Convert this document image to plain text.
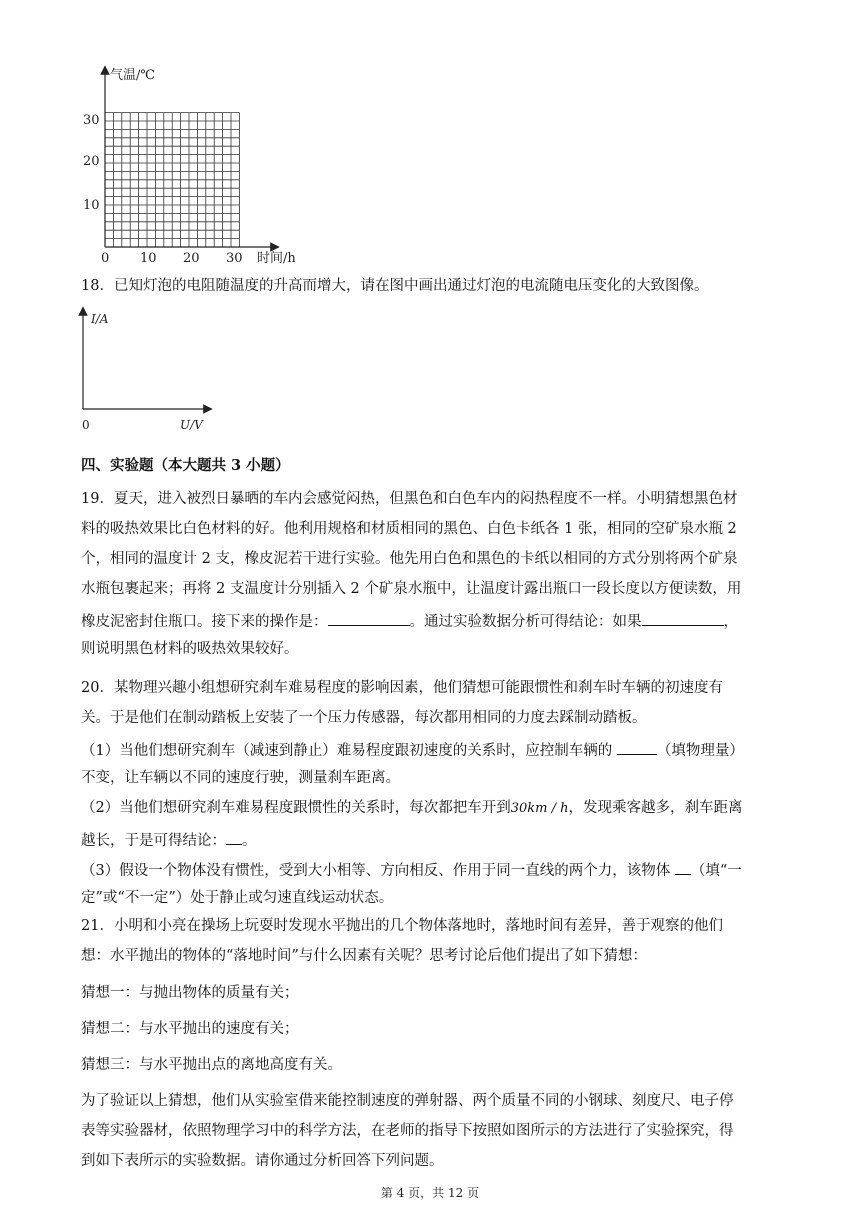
气温/℃
时间/h
30
20
10
0 10 20 30
18．已知灯泡的电阻随温度的升高而增大，请在图中画出通过灯泡的电流随电压变化的大致图像。
I/A
U/V
0
四、实验题（本大题共 3 小题）
19．夏天，进入被烈日暴晒的车内会感觉闷热，但黑色和白色车内的闷热程度不一样。小明猜想黑色材
料的吸热效果比白色材料的好。他利用规格和材质相同的黑色、白色卡纸各 1 张，相同的空矿泉水瓶 2
个，相同的温度计 2 支，橡皮泥若干进行实验。他先用白色和黑色的卡纸以相同的方式分别将两个矿泉
水瓶包裹起来；再将 2 支温度计分别插入 2 个矿泉水瓶中，让温度计露出瓶口一段长度以方便读数，用
橡皮泥密封住瓶口。接下来的操作是：	。通过实验数据分析可得结论：如果	，
则说明黑色材料的吸热效果较好。
20．某物理兴趣小组想研究刹车难易程度的影响因素，他们猜想可能跟惯性和刹车时车辆的初速度有
关。于是他们在制动踏板上安装了一个压力传感器，每次都用相同的力度去踩制动踏板。
（1）当他们想研究刹车（减速到静止）难易程度跟初速度的关系时，应控制车辆的	（填物理量）
不变，让车辆以不同的速度行驶，测量刹车距离。
（2）当他们想研究刹车难易程度跟惯性的关系时，每次都把车开到30km / h，发现乘客越多，刹车距离
越长，于是可得结论： 。
（3）假设一个物体没有惯性，受到大小相等、方向相反、作用于同一直线的两个力，该物体 （填“一
定”或“不一定”）处于静止或匀速直线运动状态。
21．小明和小亮在操场上玩耍时发现水平抛出的几个物体落地时，落地时间有差异，善于观察的他们
想：水平抛出的物体的“落地时间”与什么因素有关呢？思考讨论后他们提出了如下猜想：
猜想一：与抛出物体的质量有关；
猜想二：与水平抛出的速度有关；
猜想三：与水平抛出点的离地高度有关。
为了验证以上猜想，他们从实验室借来能控制速度的弹射器、两个质量不同的小钢球、刻度尺、电子停
表等实验器材，依照物理学习中的科学方法，在老师的指导下按照如图所示的方法进行了实验探究，得
到如下表所示的实验数据。请你通过分析回答下列问题。
第 4 页，共 12 页
